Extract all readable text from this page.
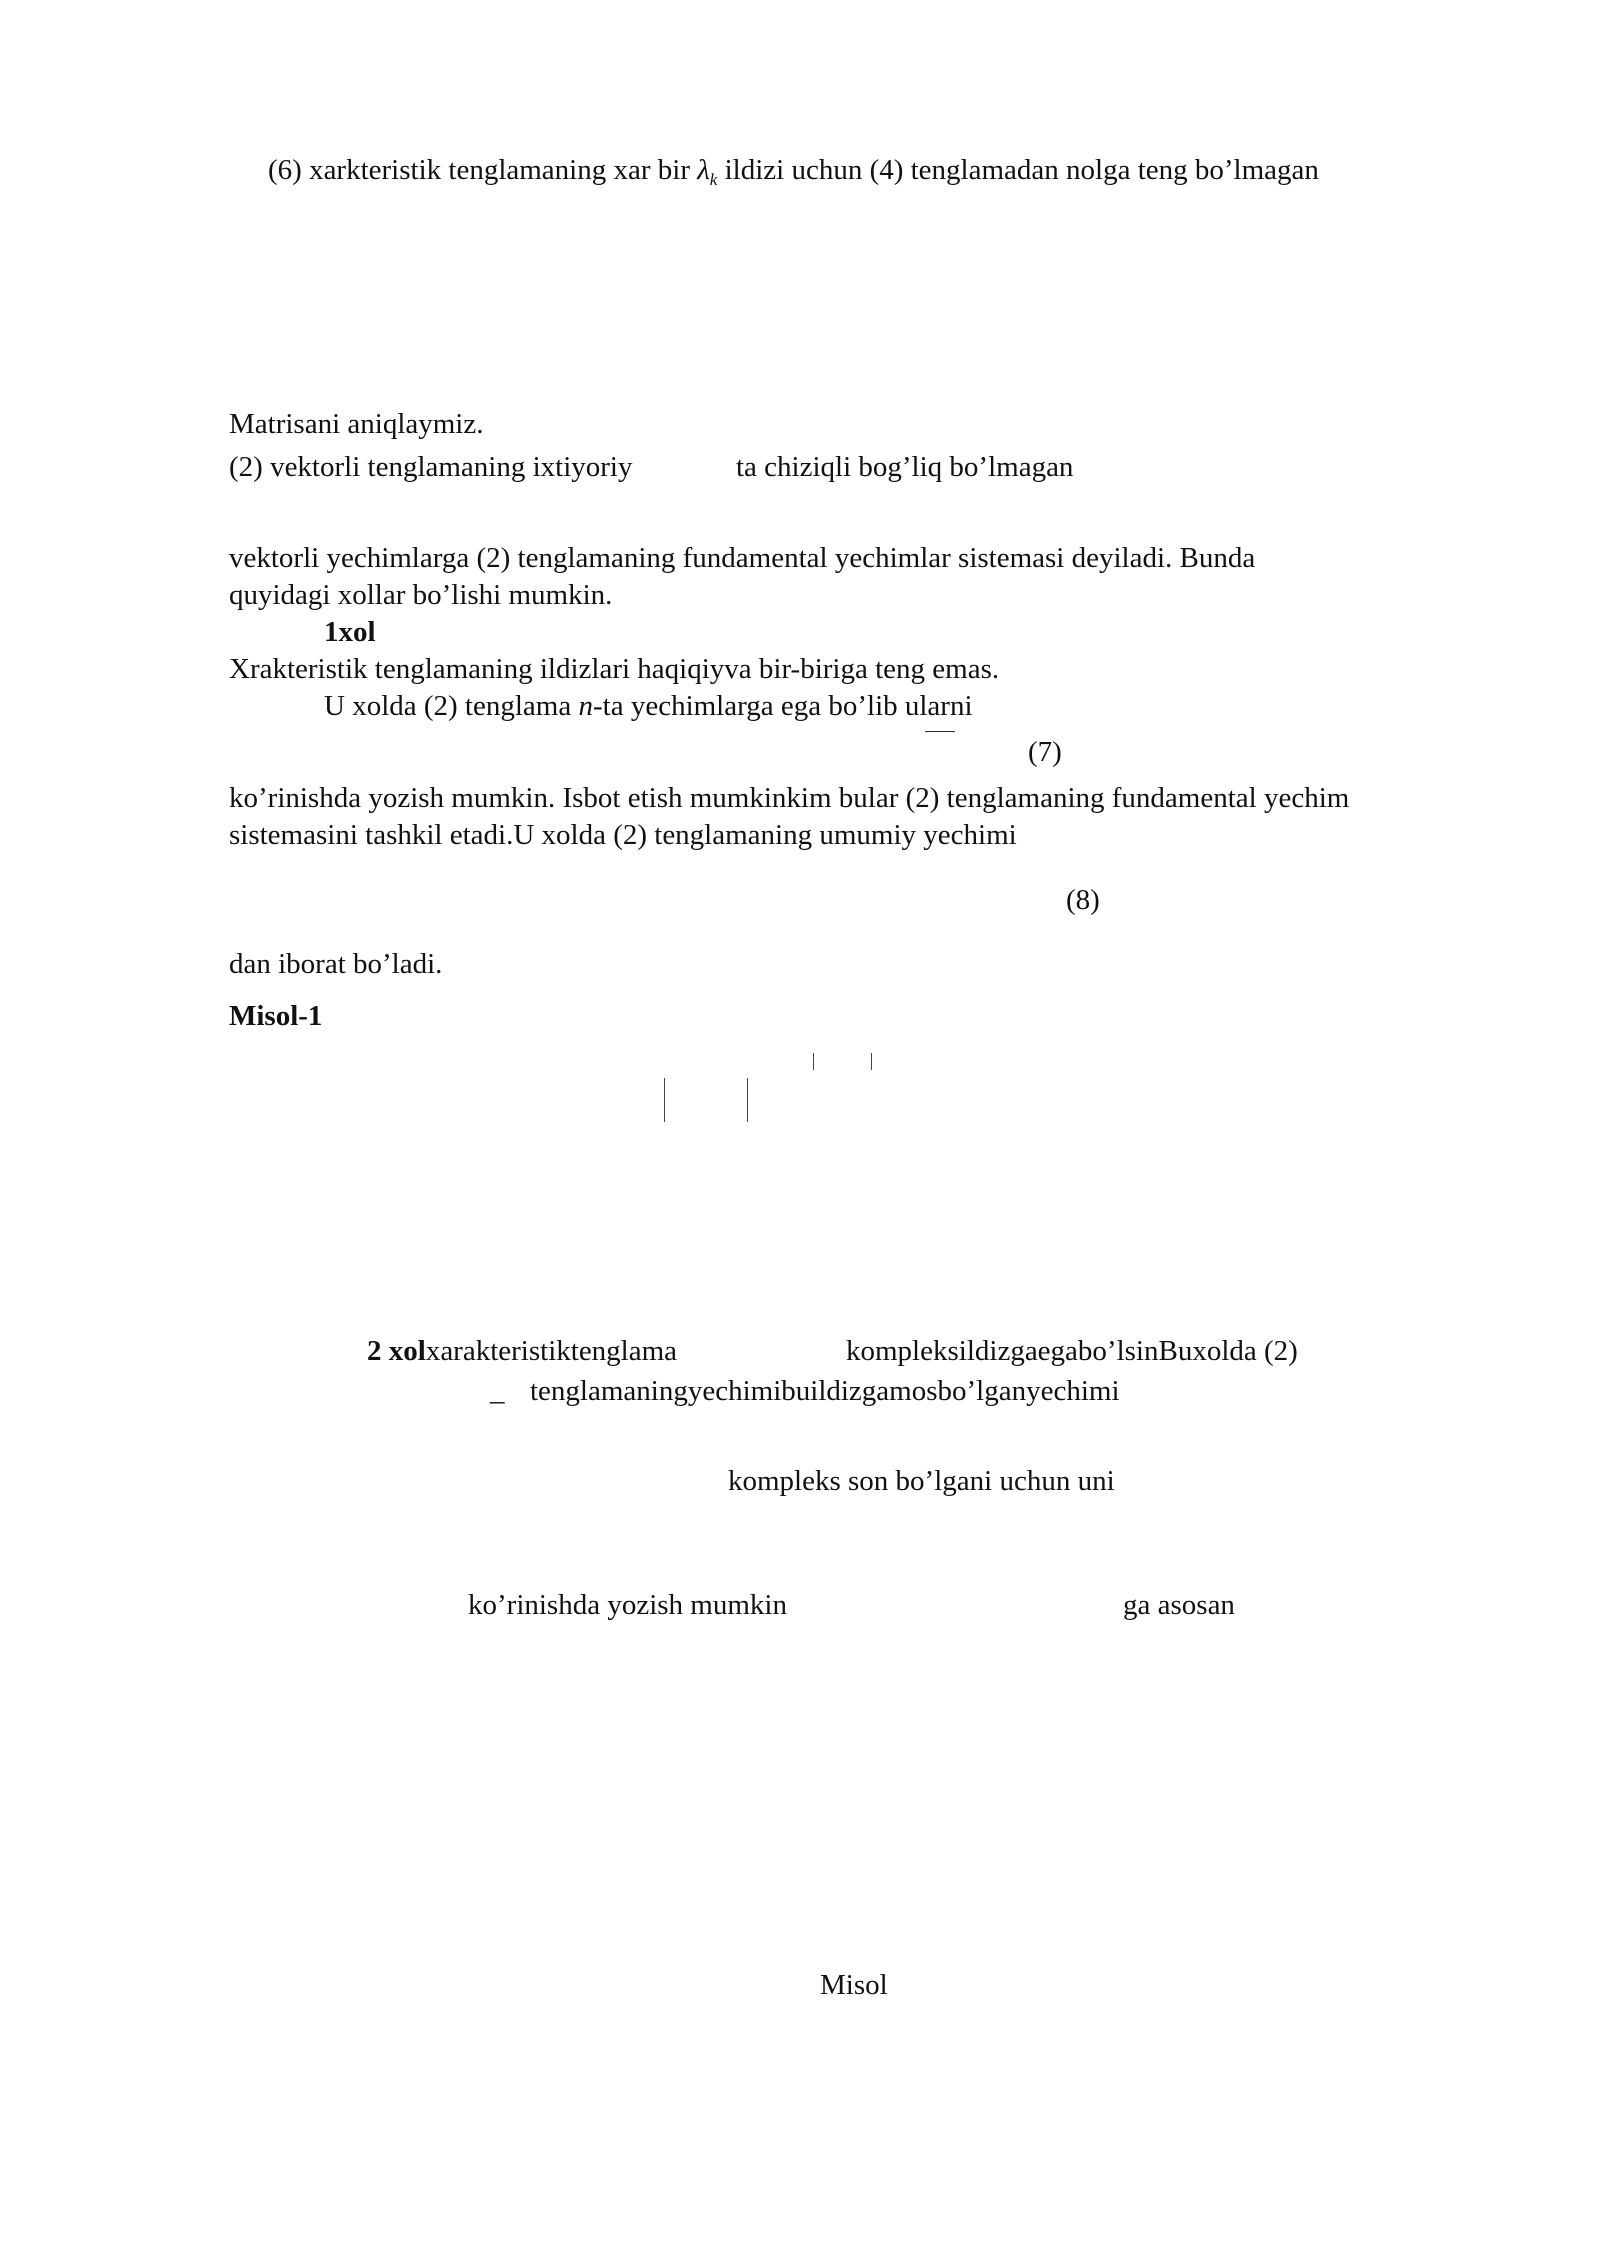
(6) xarkteristik tenglamaning xar bir $\lambda_k$ ildizi uchun (4) tenglamadan nolga teng bo’lmagan
Matrisani aniqlaymiz.
(2) vektorli tenglamaning ixtiyoriy	ta chiziqli bog’liq bo’lmagan
vektorli yechimlarga (2) tenglamaning fundamental yechimlar sistemasi deyiladi. Bunda
quyidagi xollar bo’lishi mumkin.
1xol
Xrakteristik tenglamaning ildizlari haqiqiyva bir-biriga teng emas.
U xolda (2) tenglama n-ta yechimlarga ega bo’lib ularni
(7)
ko’rinishda yozish mumkin. Isbot etish mumkinkim bular (2) tenglamaning fundamental yechim
sistemasini tashkil etadi.U xolda (2) tenglamaning umumiy yechimi
(8)
dan iborat bo’ladi.
Misol-1
2 xolxarakteristiktenglama	kompleksildizgaegabo’lsinBuxolda (2)
_ tenglamaningyechimibuildizgamosbo’lganyechimi
kompleks son bo’lgani uchun uni
ko’rinishda yozish mumkin	ga asosan
Misol
